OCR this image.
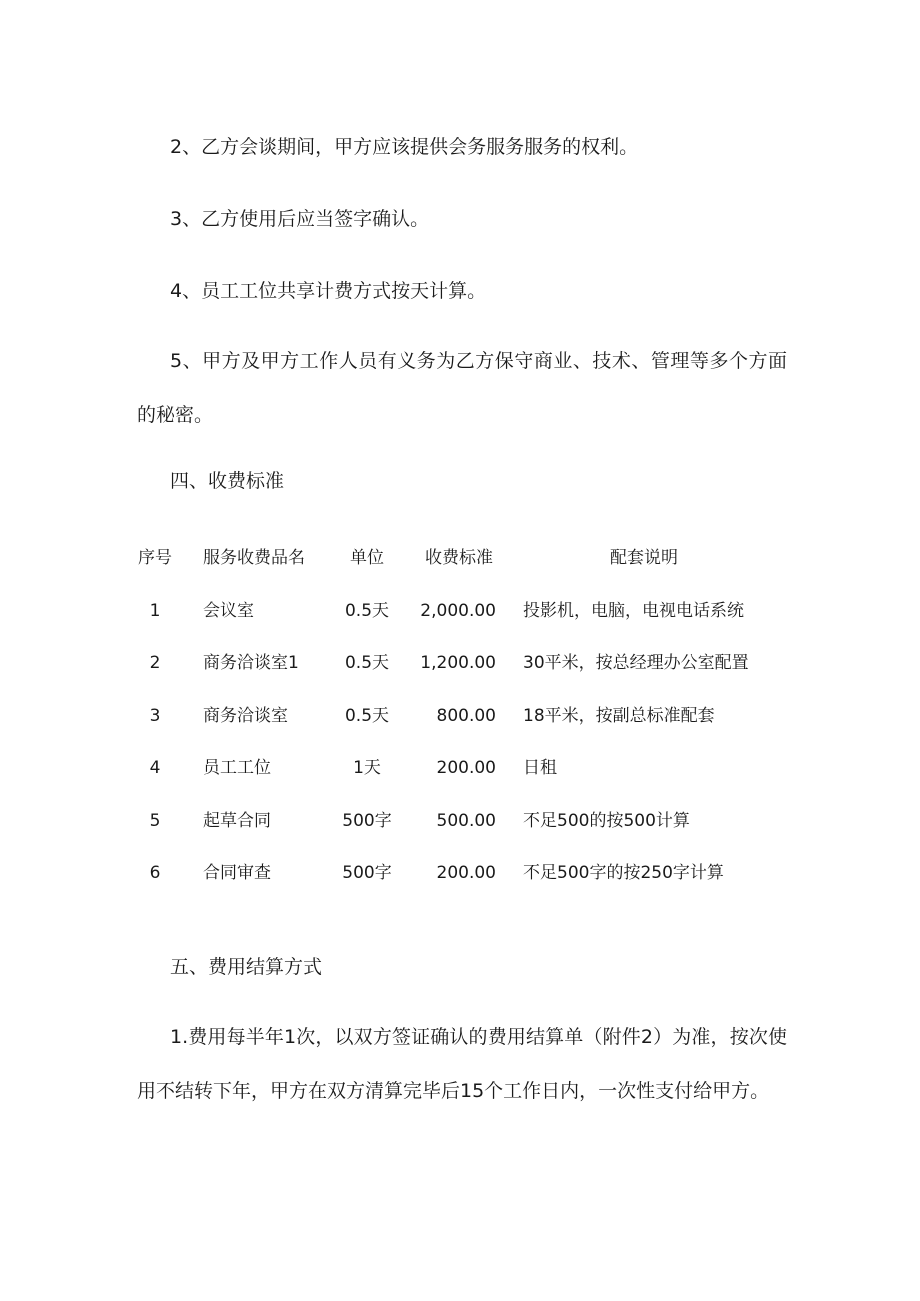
2、乙方会谈期间，甲方应该提供会务服务服务的权利。
3、乙方使用后应当签字确认。
4、员工工位共享计费方式按天计算。
5、甲方及甲方工作人员有义务为乙方保守商业、技术、管理等多个方面的秘密。
四、收费标准
序号 服务收费品名	单位	收费标准	配套说明
1	会议室	0.5天	2,000.00 投影机，电脑，电视电话系统
2	商务洽谈室1	0.5天	1,200.00 30平米，按总经理办公室配置
3	商务洽谈室	0.5天	800.00 18平米，按副总标准配套
4	员工工位	1天	200.00 日租
5	起草合同	500字	500.00 不足500的按500计算
6	合同审查	500字	200.00 不足500字的按250字计算
五、费用结算方式
1.费用每半年1次，以双方签证确认的费用结算单（附件2）为准，按次使用不结转下年，甲方在双方清算完毕后15个工作日内，一次性支付给甲方。
